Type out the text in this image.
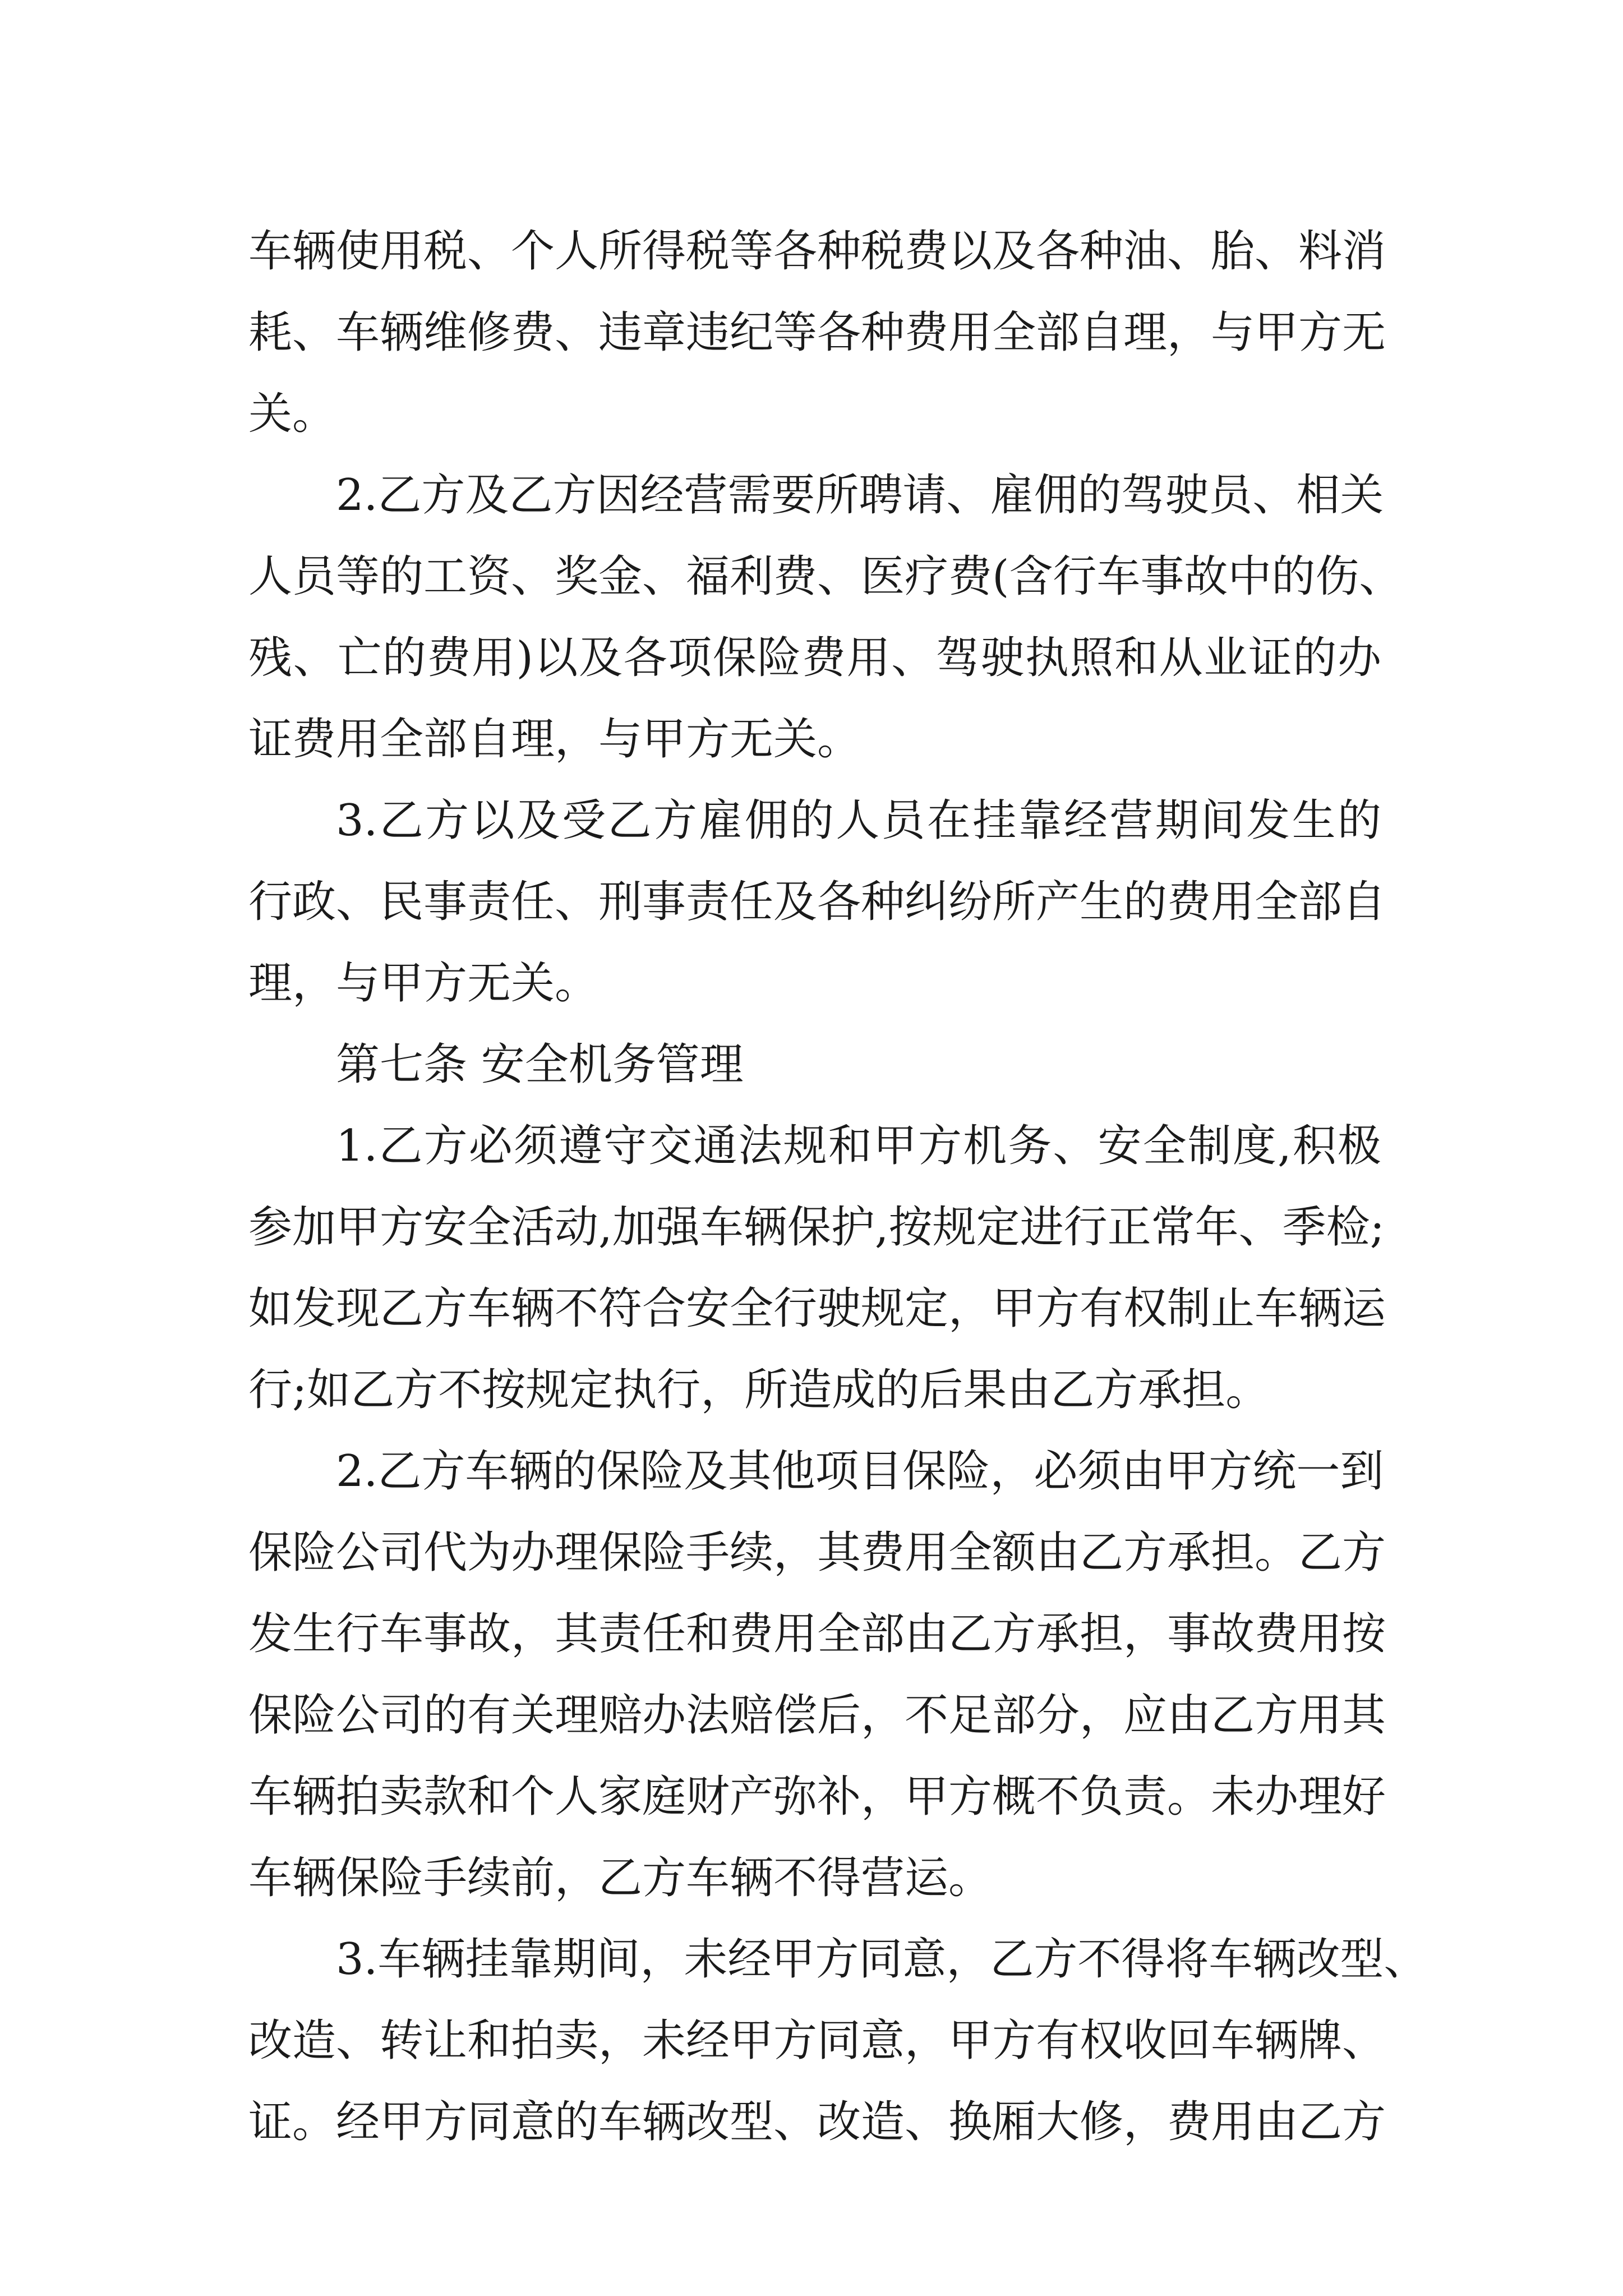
车辆使用税、个人所得税等各种税费以及各种油、胎、料消
耗、车辆维修费、违章违纪等各种费用全部自理，与甲方无
关。
2.乙方及乙方因经营需要所聘请、雇佣的驾驶员、相关
人员等的工资、奖金、福利费、医疗费(含行车事故中的伤、
残、亡的费用)以及各项保险费用、驾驶执照和从业证的办
证费用全部自理，与甲方无关。
3.乙方以及受乙方雇佣的人员在挂靠经营期间发生的
行政、民事责任、刑事责任及各种纠纷所产生的费用全部自
理，与甲方无关。
第七条 安全机务管理
1.乙方必须遵守交通法规和甲方机务、安全制度,积极
参加甲方安全活动,加强车辆保护,按规定进行正常年、季检;
如发现乙方车辆不符合安全行驶规定，甲方有权制止车辆运
行;如乙方不按规定执行，所造成的后果由乙方承担。
2.乙方车辆的保险及其他项目保险，必须由甲方统一到
保险公司代为办理保险手续，其费用全额由乙方承担。乙方
发生行车事故，其责任和费用全部由乙方承担，事故费用按
保险公司的有关理赔办法赔偿后，不足部分，应由乙方用其
车辆拍卖款和个人家庭财产弥补，甲方概不负责。未办理好
车辆保险手续前，乙方车辆不得营运。
3.车辆挂靠期间，未经甲方同意，乙方不得将车辆改型、
改造、转让和拍卖，未经甲方同意，甲方有权收回车辆牌、
证。经甲方同意的车辆改型、改造、换厢大修，费用由乙方
